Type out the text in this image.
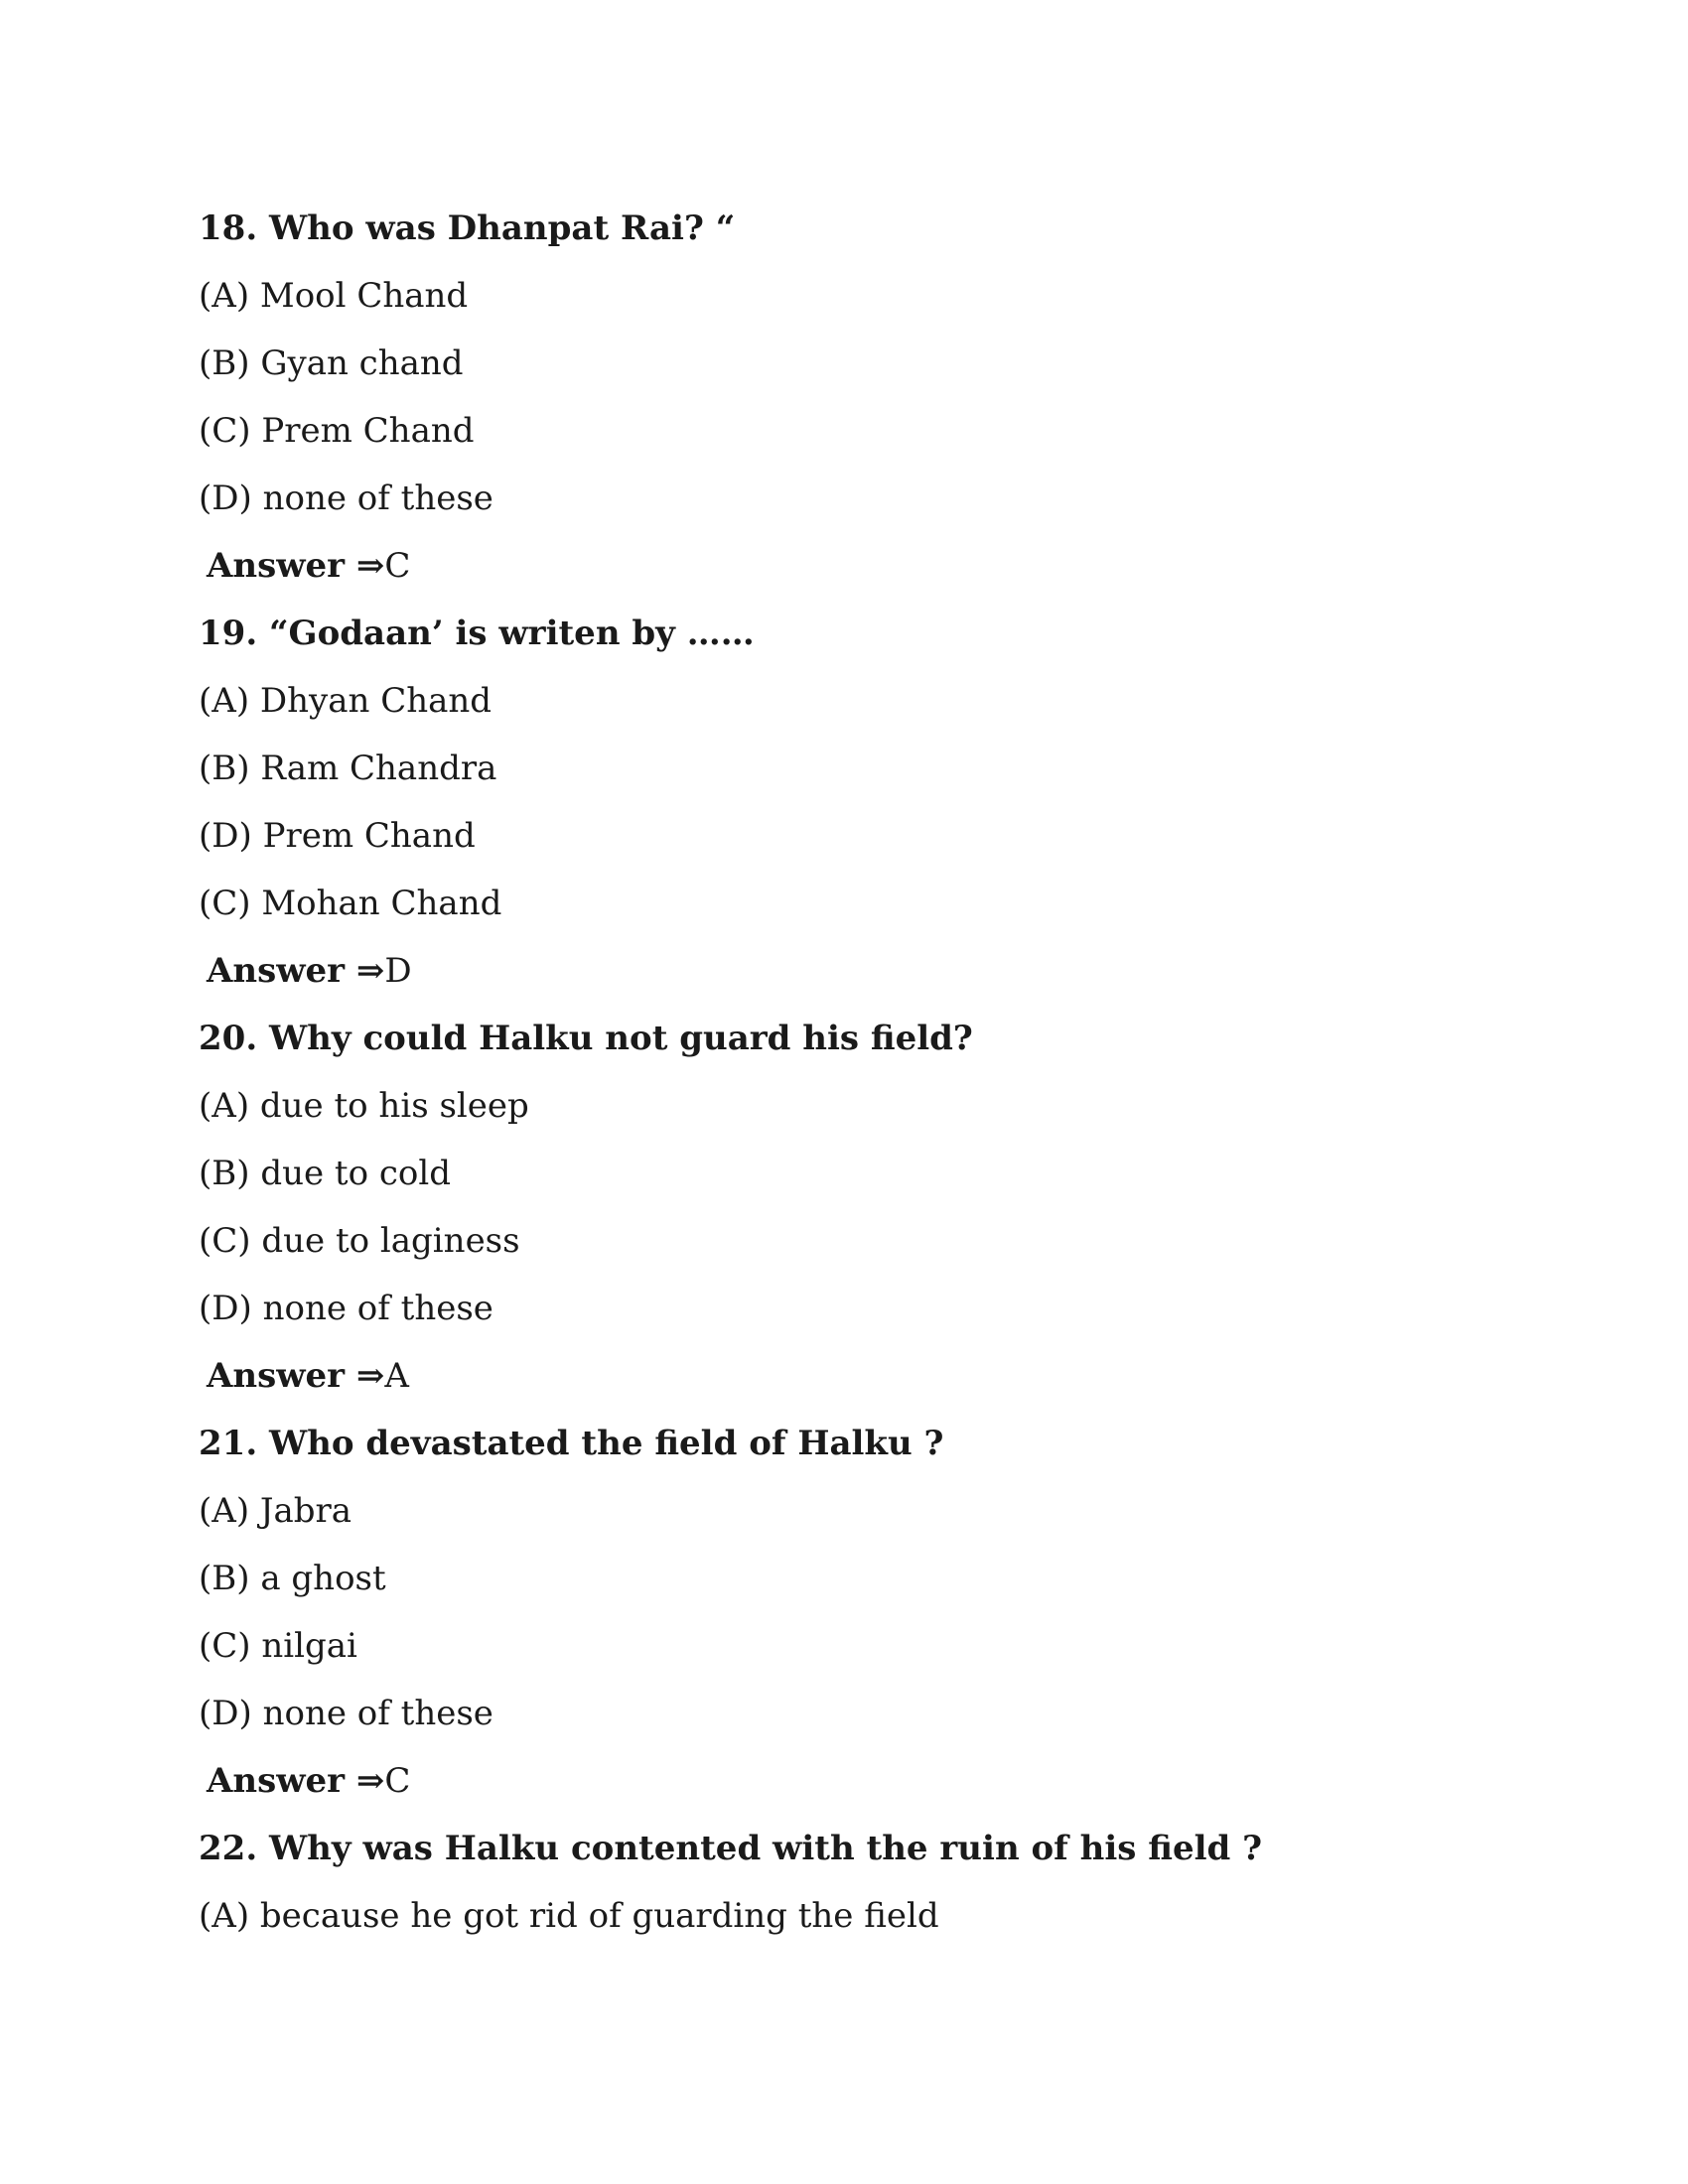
18. Who was Dhanpat Rai? “
(A) Mool Chand
(B) Gyan chand
(C) Prem Chand
(D) none of these
Answer ⇒C
19. “Godaan’ is writen by ……
(A) Dhyan Chand
(B) Ram Chandra
(D) Prem Chand
(C) Mohan Chand
Answer ⇒D
20. Why could Halku not guard his field?
(A) due to his sleep
(B) due to cold
(C) due to laginess
(D) none of these
Answer ⇒A
21. Who devastated the field of Halku ?
(A) Jabra
(B) a ghost
(C) nilgai
(D) none of these
Answer ⇒C
22. Why was Halku contented with the ruin of his field ?
(A) because he got rid of guarding the field
